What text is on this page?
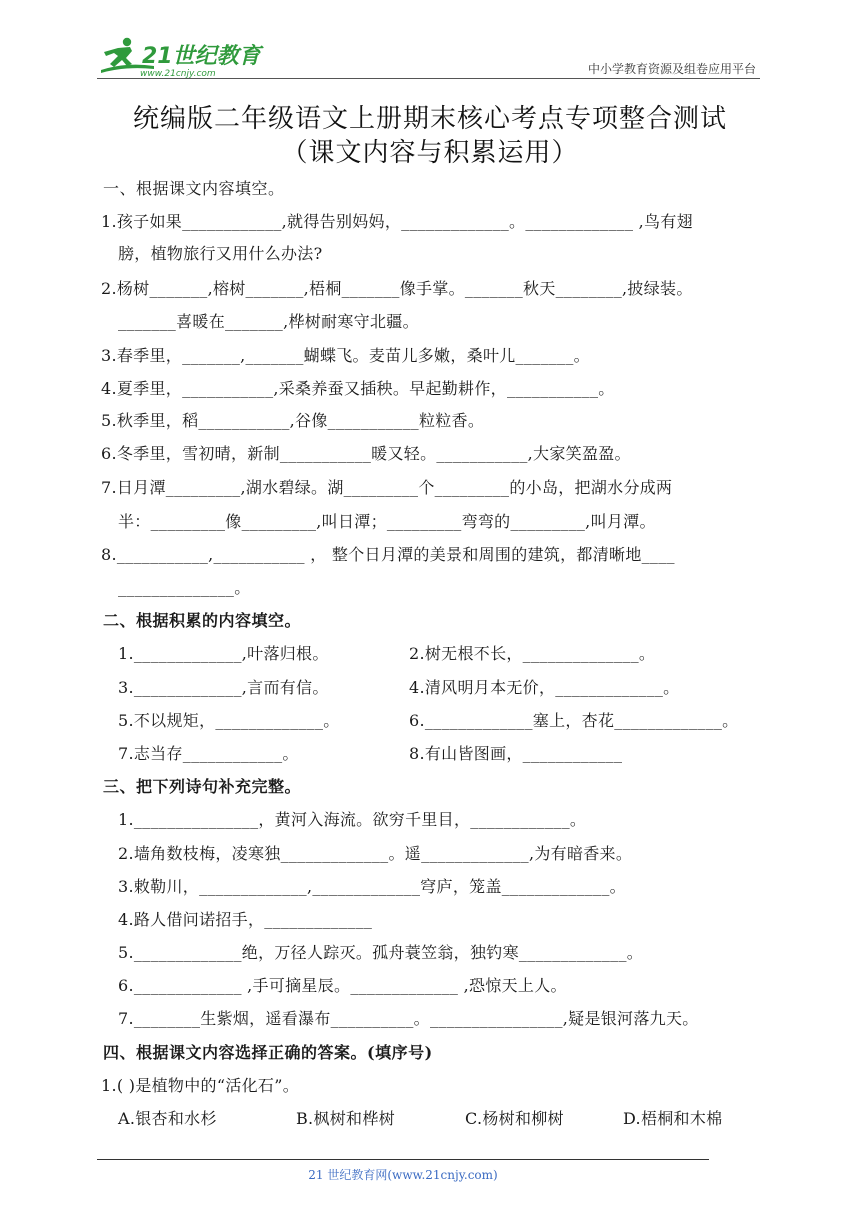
21世纪教育
www.21cnjy.com	中小学教育资源及组卷应用平台
统编版二年级语文上册期末核心考点专项整合测试
（课文内容与积累运用）
一、根据课文内容填空。
1.孩子如果____________,就得告别妈妈，_____________。_____________ ,鸟有翅
膀，植物旅行又用什么办法?
2.杨树_______,榕树_______,梧桐_______像手掌。_______秋天________,披绿装。
_______喜暖在_______,桦树耐寒守北疆。
3.春季里，_______,_______蝴蝶飞。麦苗儿多嫩，桑叶儿_______。
4.夏季里，___________,采桑养蚕又插秧。早起勤耕作，___________。
5.秋季里，稻___________,谷像___________粒粒香。
6.冬季里，雪初晴，新制___________暖又轻。___________,大家笑盈盈。
7.日月潭_________,湖水碧绿。湖_________个_________的小岛，把湖水分成两
半：_________像_________,叫日潭；_________弯弯的_________,叫月潭。
8.___________,___________ ， 整个日月潭的美景和周围的建筑，都清晰地____
______________。
二、根据积累的内容填空。
1._____________,叶落归根。	2.树无根不长，______________。
3._____________,言而有信。	4.清风明月本无价，_____________。
5.不以规矩，_____________。	6._____________塞上，杏花_____________。
7.志当存____________。	8.有山皆图画，____________
三、把下列诗句补充完整。
1._______________，黄河入海流。欲穷千里目，____________。
2.墙角数枝梅，凌寒独_____________。遥_____________,为有暗香来。
3.敕勒川，_____________,_____________穹庐，笼盖_____________。
4.路人借问诺招手，_____________
5._____________绝，万径人踪灭。孤舟蓑笠翁，独钓寒_____________。
6._____________ ,手可摘星辰。_____________ ,恐惊天上人。
7.________生紫烟，遥看瀑布__________。________________,疑是银河落九天。
四、根据课文内容选择正确的答案。(填序号)
1.( )是植物中的“活化石”。
A.银杏和水杉	B.枫树和桦树	C.杨树和柳树	D.梧桐和木棉
21 世纪教育网(www.21cnjy.com)
